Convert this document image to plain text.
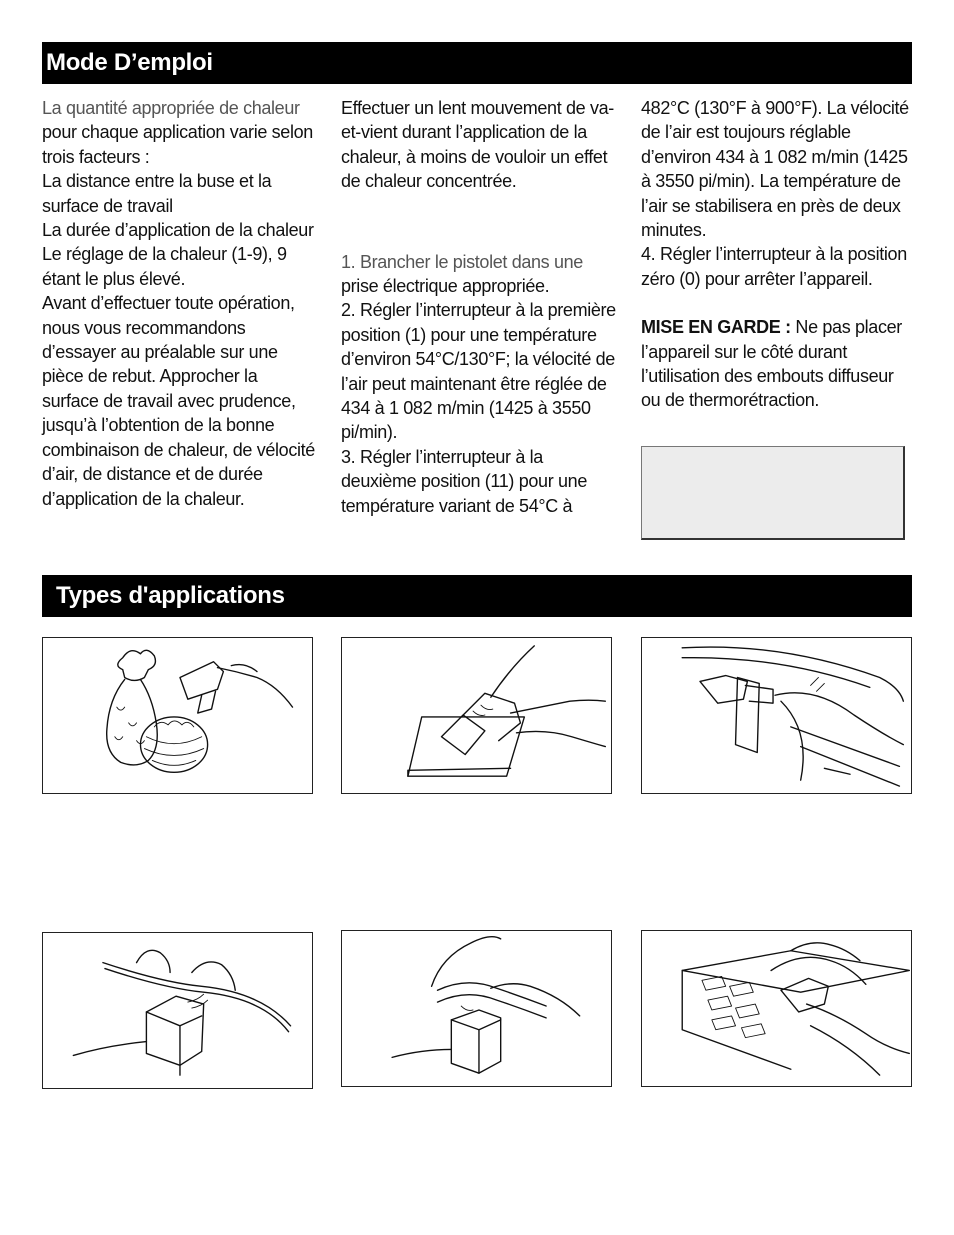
Mode D’emploi

La quantité appropriée de chaleur

pour chaque application varie selon trois facteurs :

La distance entre la buse et la surface de travail

La durée d’application de la chaleur

Le réglage de la chaleur (1-9), 9 étant le plus élevé.

Avant d’effectuer toute opération, nous vous recommandons d’essayer au préalable sur une pièce de rebut. Approcher la surface de travail avec prudence, jusqu’à l’obtention de la bonne combinaison de chaleur, de vélocité d’air, de distance et de durée d’application de la chaleur.

Effectuer un lent mouvement de va-et-vient durant l’application de la chaleur, à moins de vouloir un effet de chaleur concentrée.

1. Brancher le pistolet dans une

prise électrique appropriée.

2. Régler l’interrupteur à la première position (1) pour une température d’environ 54°C/130°F; la vélocité de l’air peut maintenant être réglée de 434 à 1 082 m/min (1425 à 3550 pi/min).

3. Régler l’interrupteur à la deuxième position (11) pour une température variant de 54°C à

482°C (130°F à 900°F). La vélocité de l’air est toujours réglable d’environ 434 à 1 082 m/min (1425 à 3550 pi/min). La température de l’air se stabilisera en près de deux minutes.

4. Régler l’interrupteur à la position zéro (0) pour arrêter l’appareil.

MISE EN GARDE : Ne pas placer l’appareil sur le côté durant l’utilisation des embouts diffuseur ou de thermorétraction.

Types d'applications
